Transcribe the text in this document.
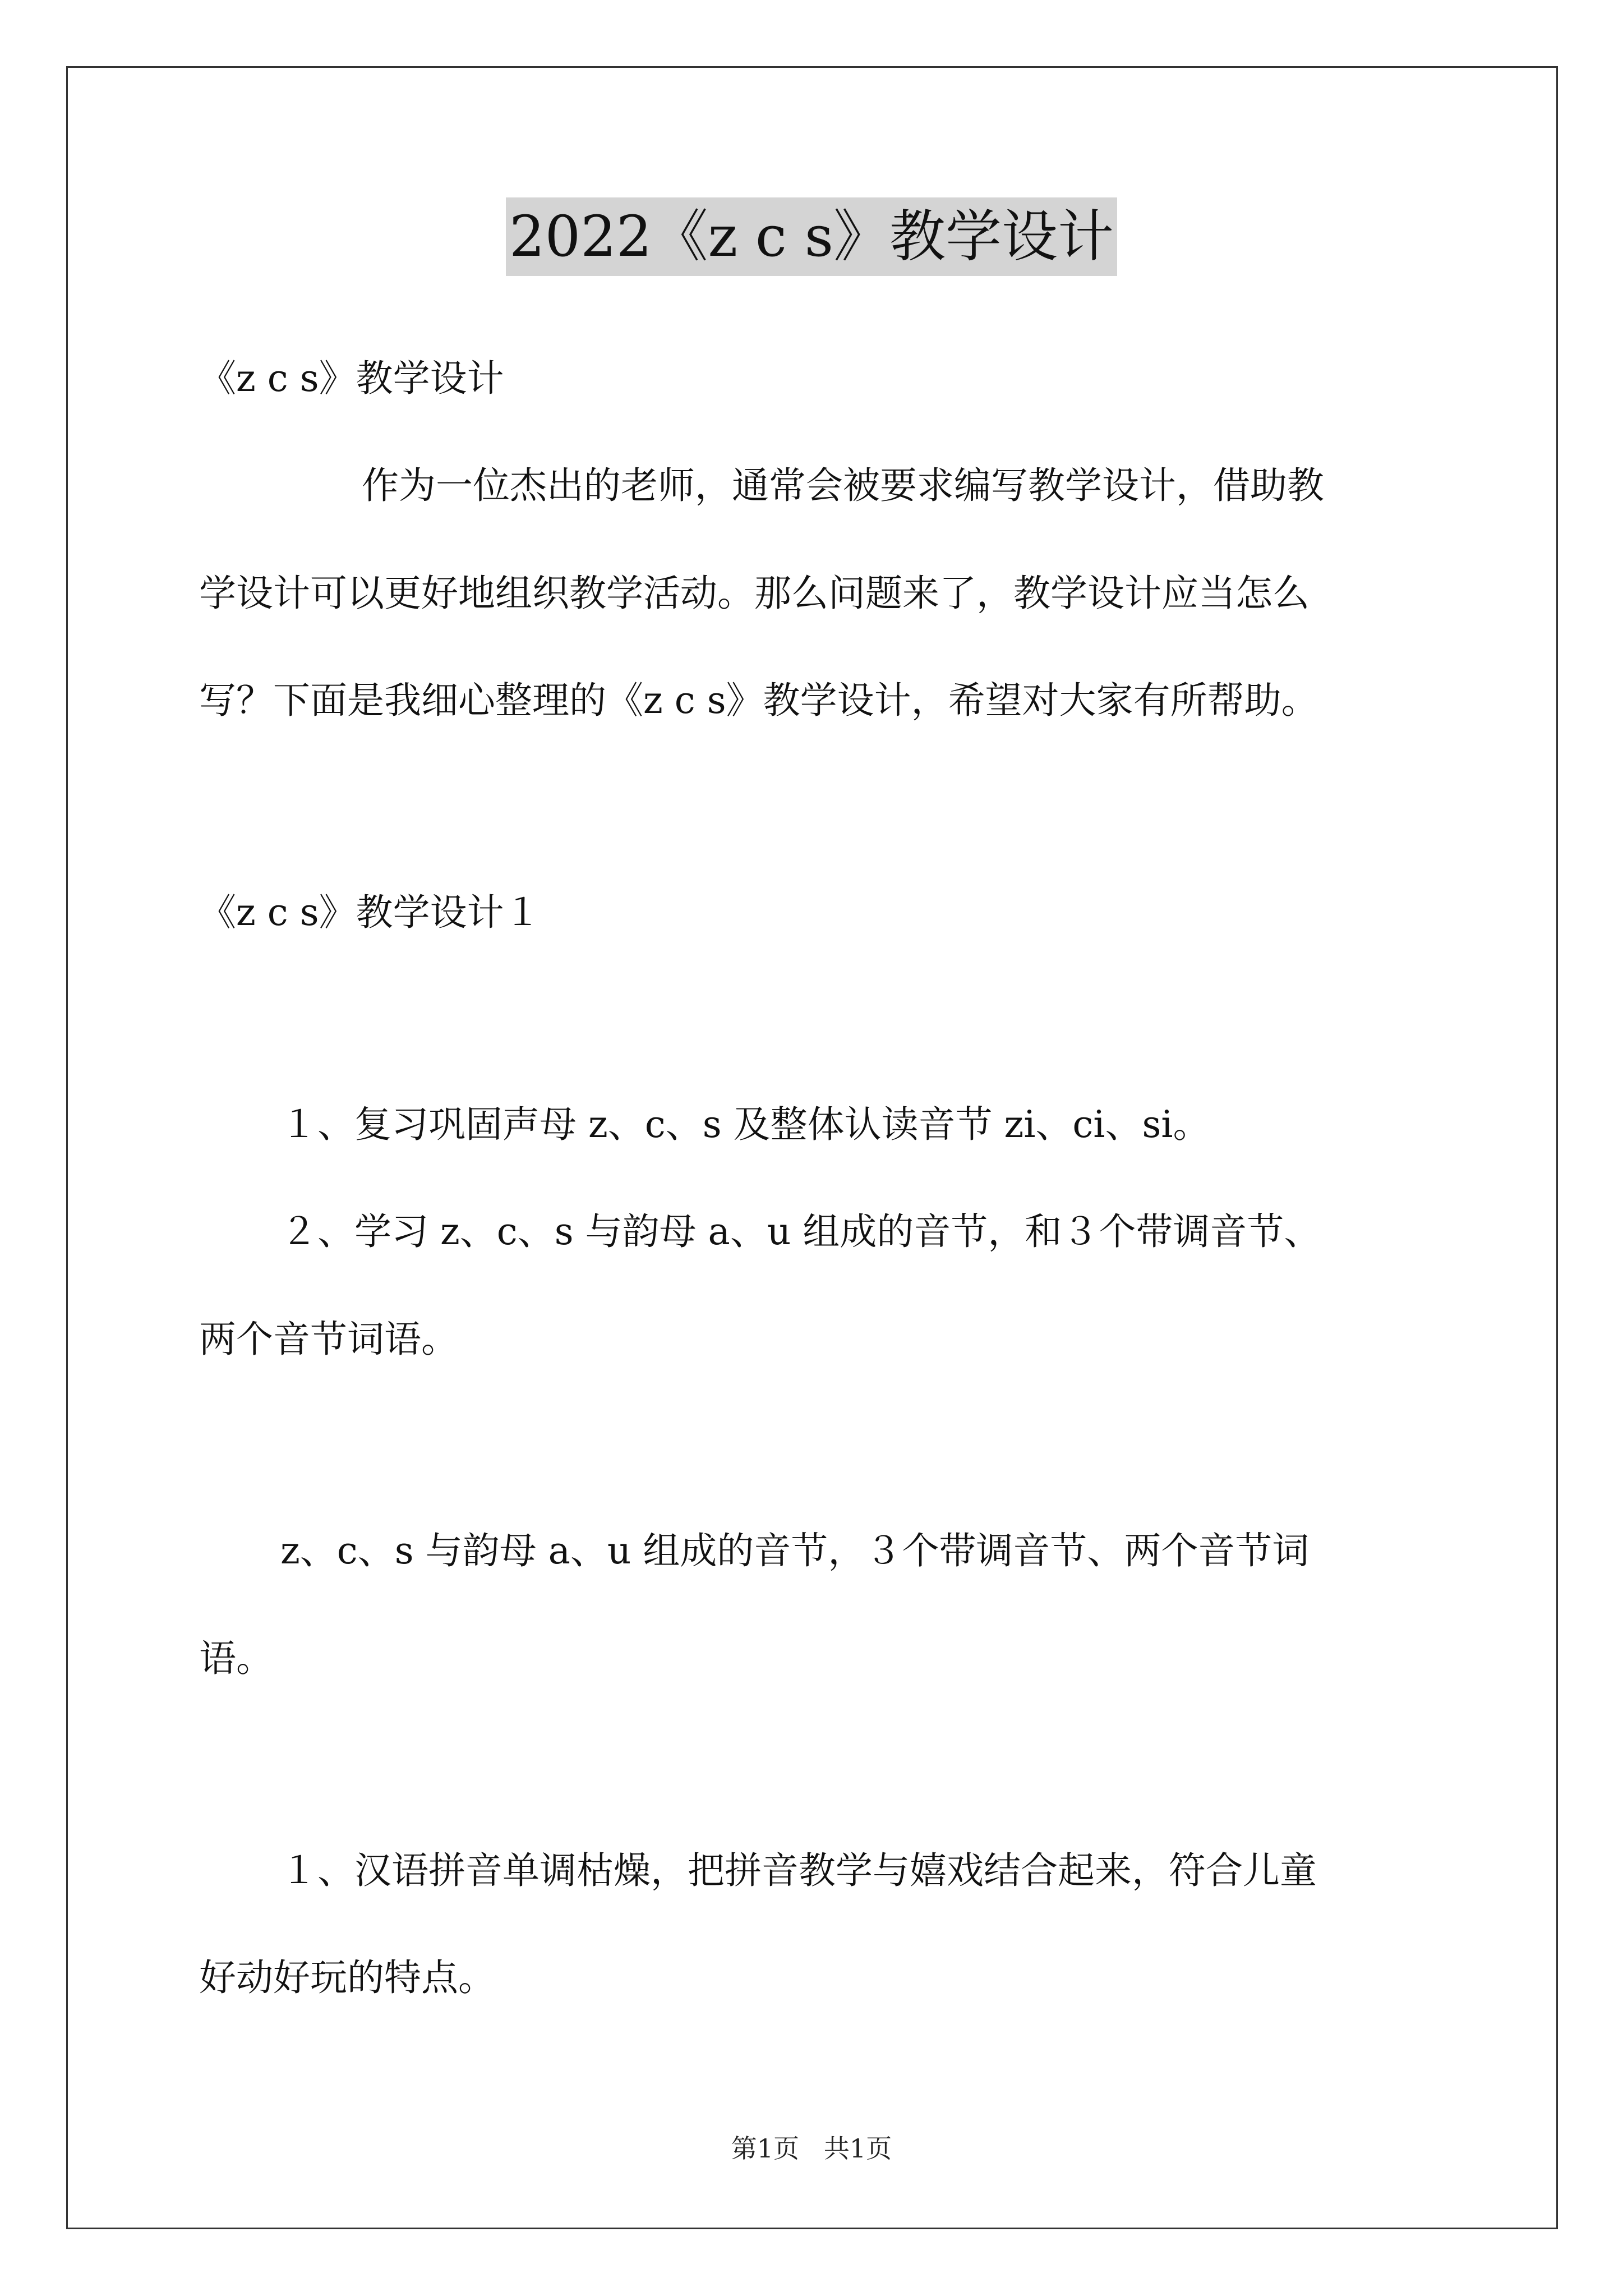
2022《z c s》教学设计
《z c s》教学设计
作为一位杰出的老师，通常会被要求编写教学设计，借助教
学设计可以更好地组织教学活动。那么问题来了，教学设计应当怎么
写？下面是我细心整理的《z c s》教学设计，希望对大家有所帮助。
《z c s》教学设计１
１、复习巩固声母 z、c、s 及整体认读音节 zi、ci、si。
２、学习 z、c、s 与韵母 a、u 组成的音节，和３个带调音节、
两个音节词语。
z、c、s 与韵母 a、u 组成的音节，３个带调音节、两个音节词
语。
１、汉语拼音单调枯燥，把拼音教学与嬉戏结合起来，符合儿童
好动好玩的特点。
第1页   共1页
